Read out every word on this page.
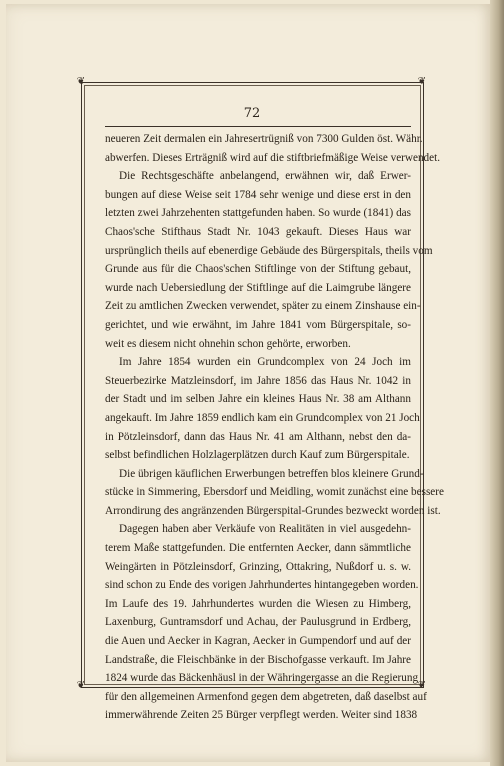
❦	❦
❦	❦
72
neueren Zeit dermalen ein Jahresertrügniß von 7300 Gulden öst. Währ.
abwerfen. Dieses Erträgniß wird auf die stiftbriefmäßige Weise verwendet.
Die Rechtsgeschäfte anbelangend, erwähnen wir, daß Erwer-
bungen auf diese Weise seit 1784 sehr wenige und diese erst in den
letzten zwei Jahrzehenten stattgefunden haben. So wurde (1841) das
Chaos'sche Stifthaus Stadt Nr. 1043 gekauft. Dieses Haus war
ursprünglich theils auf ebenerdige Gebäude des Bürgerspitals, theils vom
Grunde aus für die Chaos'schen Stiftlinge von der Stiftung gebaut,
wurde nach Uebersiedlung der Stiftlinge auf die Laimgrube längere
Zeit zu amtlichen Zwecken verwendet, später zu einem Zinshause ein-
gerichtet, und wie erwähnt, im Jahre 1841 vom Bürgerspitale, so-
weit es diesem nicht ohnehin schon gehörte, erworben.
Im Jahre 1854 wurden ein Grundcomplex von 24 Joch im
Steuerbezirke Matzleinsdorf, im Jahre 1856 das Haus Nr. 1042 in
der Stadt und im selben Jahre ein kleines Haus Nr. 38 am Althann
angekauft. Im Jahre 1859 endlich kam ein Grundcomplex von 21 Joch
in Pötzleinsdorf, dann das Haus Nr. 41 am Althann, nebst den da-
selbst befindlichen Holzlagerplätzen durch Kauf zum Bürgerspitale.
Die übrigen käuflichen Erwerbungen betreffen blos kleinere Grund-
stücke in Simmering, Ebersdorf und Meidling, womit zunächst eine bessere
Arrondirung des angränzenden Bürgerspital-Grundes bezweckt worden ist.
Dagegen haben aber Verkäufe von Realitäten in viel ausgedehn-
terem Maße stattgefunden. Die entfernten Aecker, dann sämmtliche
Weingärten in Pötzleinsdorf, Grinzing, Ottakring, Nußdorf u. s. w.
sind schon zu Ende des vorigen Jahrhundertes hintangegeben worden.
Im Laufe des 19. Jahrhundertes wurden die Wiesen zu Himberg,
Laxenburg, Guntramsdorf und Achau, der Paulusgrund in Erdberg,
die Auen und Aecker in Kagran, Aecker in Gumpendorf und auf der
Landstraße, die Fleischbänke in der Bischofgasse verkauft. Im Jahre
1824 wurde das Bäckenhäusl in der Währingergasse an die Regierung
für den allgemeinen Armenfond gegen dem abgetreten, daß daselbst auf
immerwährende Zeiten 25 Bürger verpflegt werden. Weiter sind 1838
